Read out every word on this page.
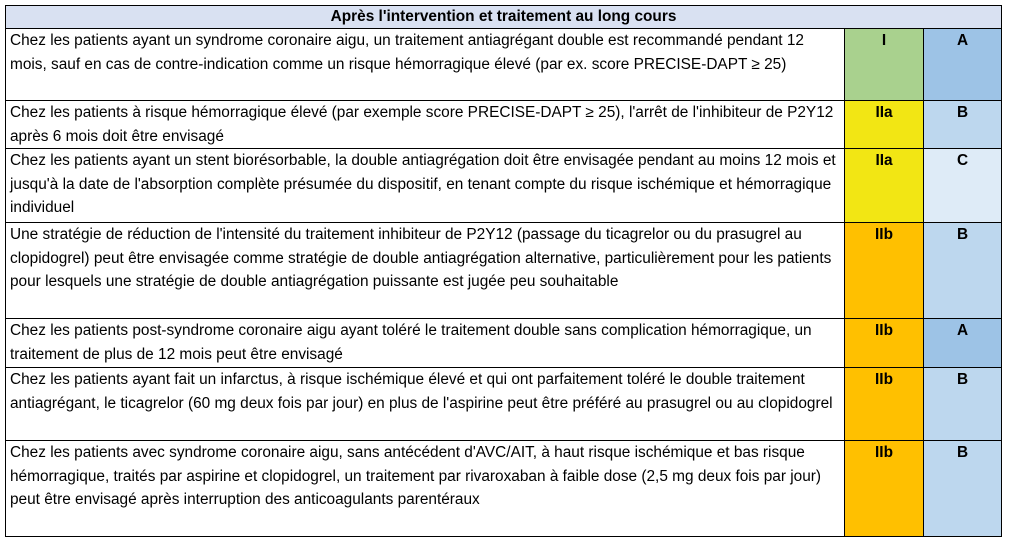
Après l'intervention et traitement au long cours		
Chez les patients ayant un syndrome coronaire aigu, un traitement antiagrégant double est recommandé pendant 12 mois, sauf en cas de contre-indication comme un risque hémorragique élevé (par ex. score PRECISE-DAPT ≥ 25)	I	A
Chez les patients à risque hémorragique élevé (par exemple score PRECISE-DAPT ≥ 25), l'arrêt de l'inhibiteur de P2Y12 après 6 mois doit être envisagé	IIa	B
Chez les patients ayant un stent biorésorbable, la double antiagrégation doit être envisagée pendant au moins 12 mois et jusqu'à la date de l'absorption complète présumée du dispositif, en tenant compte du risque ischémique et hémorragique individuel	IIa	C
Une stratégie de réduction de l'intensité du traitement inhibiteur de P2Y12 (passage du ticagrelor ou du prasugrel au clopidogrel) peut être envisagée comme stratégie de double antiagrégation alternative, particulièrement pour les patients pour lesquels une stratégie de double antiagrégation puissante est jugée peu souhaitable	IIb	B
Chez les patients post-syndrome coronaire aigu ayant toléré le traitement double sans complication hémorragique, un traitement de plus de 12 mois peut être envisagé	IIb	A
Chez les patients ayant fait un infarctus, à risque ischémique élevé et qui ont parfaitement toléré le double traitement antiagrégant, le ticagrelor (60 mg deux fois par jour) en plus de l'aspirine peut être préféré au prasugrel ou au clopidogrel	IIb	B
Chez les patients avec syndrome coronaire aigu, sans antécédent d'AVC/AIT, à haut risque ischémique et bas risque hémorragique, traités par aspirine et clopidogrel, un traitement par rivaroxaban à faible dose (2,5 mg deux fois par jour) peut être envisagé après interruption des anticoagulants parentéraux	IIb	B
